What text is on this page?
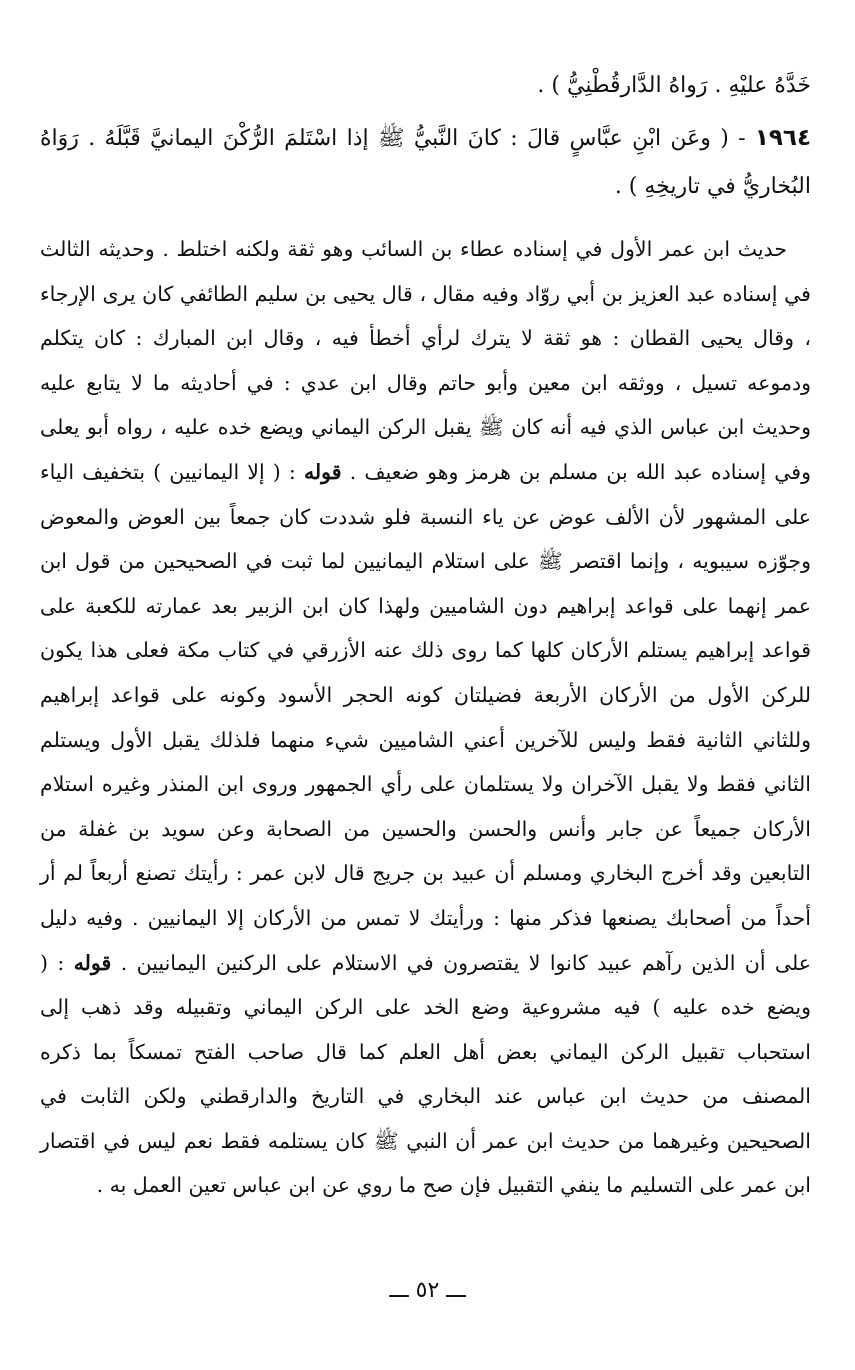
خَدَّهُ عليْهِ . رَواهُ الدَّارقُطْنِيُّ ) .

١٩٦٤ - ( وعَن ابْنِ عبَّاسٍ قالَ : كانَ النَّبيُّ ﷺ إذا اسْتَلمَ الرُّكْنَ اليمانيَّ قَبَّلَهُ . رَوَاهُ البُخاريُّ في تاريخِهِ ) .

حديث ابن عمر الأول في إسناده عطاء بن السائب وهو ثقة ولكنه اختلط . وحديثه الثالث في إسناده عبد العزيز بن أبي روّاد وفيه مقال ، قال يحيى بن سليم الطائفي كان يرى الإرجاء ، وقال يحيى القطان : هو ثقة لا يترك لرأي أخطأ فيه ، وقال ابن المبارك : كان يتكلم ودموعه تسيل ، ووثقه ابن معين وأبو حاتم وقال ابن عدي : في أحاديثه ما لا يتابع عليه وحديث ابن عباس الذي فيه أنه كان ﷺ يقبل الركن اليماني ويضع خده عليه ، رواه أبو يعلى وفي إسناده عبد الله بن مسلم بن هرمز وهو ضعيف . قوله : ( إلا اليمانيين ) بتخفيف الياء على المشهور لأن الألف عوض عن ياء النسبة فلو شددت كان جمعاً بين العوض والمعوض وجوّزه سيبويه ، وإنما اقتصر ﷺ على استلام اليمانيين لما ثبت في الصحيحين من قول ابن عمر إنهما على قواعد إبراهيم دون الشاميين ولهذا كان ابن الزبير بعد عمارته للكعبة على قواعد إبراهيم يستلم الأركان كلها كما روى ذلك عنه الأزرقي في كتاب مكة فعلى هذا يكون للركن الأول من الأركان الأربعة فضيلتان كونه الحجر الأسود وكونه على قواعد إبراهيم وللثاني الثانية فقط وليس للآخرين أعني الشاميين شيء منهما فلذلك يقبل الأول ويستلم الثاني فقط ولا يقبل الآخران ولا يستلمان على رأي الجمهور وروى ابن المنذر وغيره استلام الأركان جميعاً عن جابر وأنس والحسن والحسين من الصحابة وعن سويد بن غفلة من التابعين وقد أخرج البخاري ومسلم أن عبيد بن جريج قال لابن عمر : رأيتك تصنع أربعاً لم أر أحداً من أصحابك يصنعها فذكر منها : ورأيتك لا تمس من الأركان إلا اليمانيين . وفيه دليل على أن الذين رآهم عبيد كانوا لا يقتصرون في الاستلام على الركنين اليمانيين . قوله : ( ويضع خده عليه ) فيه مشروعية وضع الخد على الركن اليماني وتقبيله وقد ذهب إلى استحباب تقبيل الركن اليماني بعض أهل العلم كما قال صاحب الفتح تمسكاً بما ذكره المصنف من حديث ابن عباس عند البخاري في التاريخ والدارقطني ولكن الثابت في الصحيحين وغيرهما من حديث ابن عمر أن النبي ﷺ كان يستلمه فقط نعم ليس في اقتصار ابن عمر على التسليم ما ينفي التقبيل فإن صح ما روي عن ابن عباس تعين العمل به .

ـــ ٥٢ ـــ
